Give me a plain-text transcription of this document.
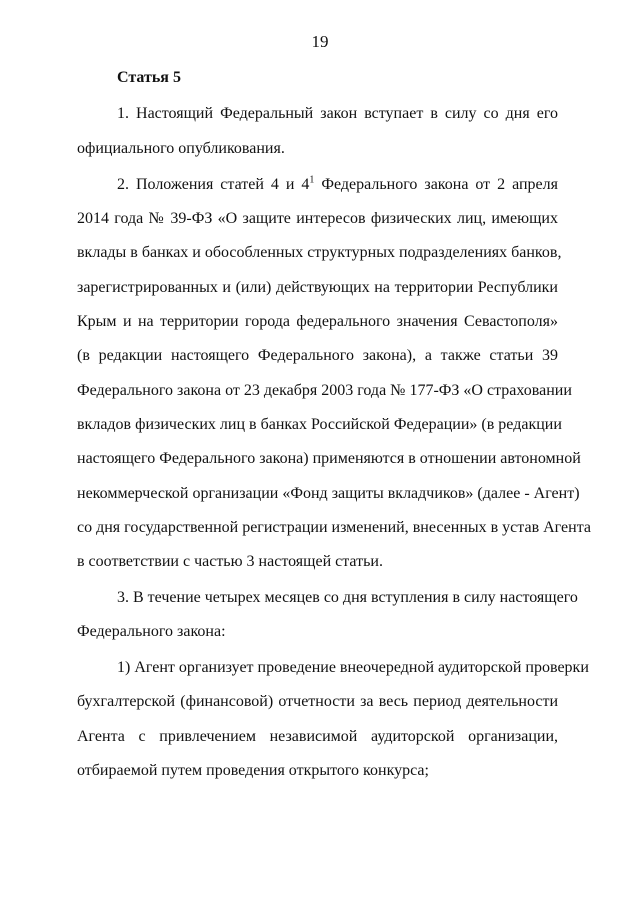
19
Статья 5
1. Настоящий Федеральный закон вступает в силу со дня его
официального опубликования.
2. Положения статей 4 и $4^1$ Федерального закона от 2 апреля
2014 года № 39-ФЗ «О защите интересов физических лиц, имеющих
вклады в банках и обособленных структурных подразделениях банков,
зарегистрированных и (или) действующих на территории Республики
Крым и на территории города федерального значения Севастополя»
(в редакции настоящего Федерального закона), а также статьи 39
Федерального закона от 23 декабря 2003 года № 177-ФЗ «О страховании
вкладов физических лиц в банках Российской Федерации» (в редакции
настоящего Федерального закона) применяются в отношении автономной
некоммерческой организации «Фонд защиты вкладчиков» (далее - Агент)
со дня государственной регистрации изменений, внесенных в устав Агента
в соответствии с частью 3 настоящей статьи.
3. В течение четырех месяцев со дня вступления в силу настоящего
Федерального закона:
1) Агент организует проведение внеочередной аудиторской проверки
бухгалтерской (финансовой) отчетности за весь период деятельности
Агента с привлечением независимой аудиторской организации,
отбираемой путем проведения открытого конкурса;
